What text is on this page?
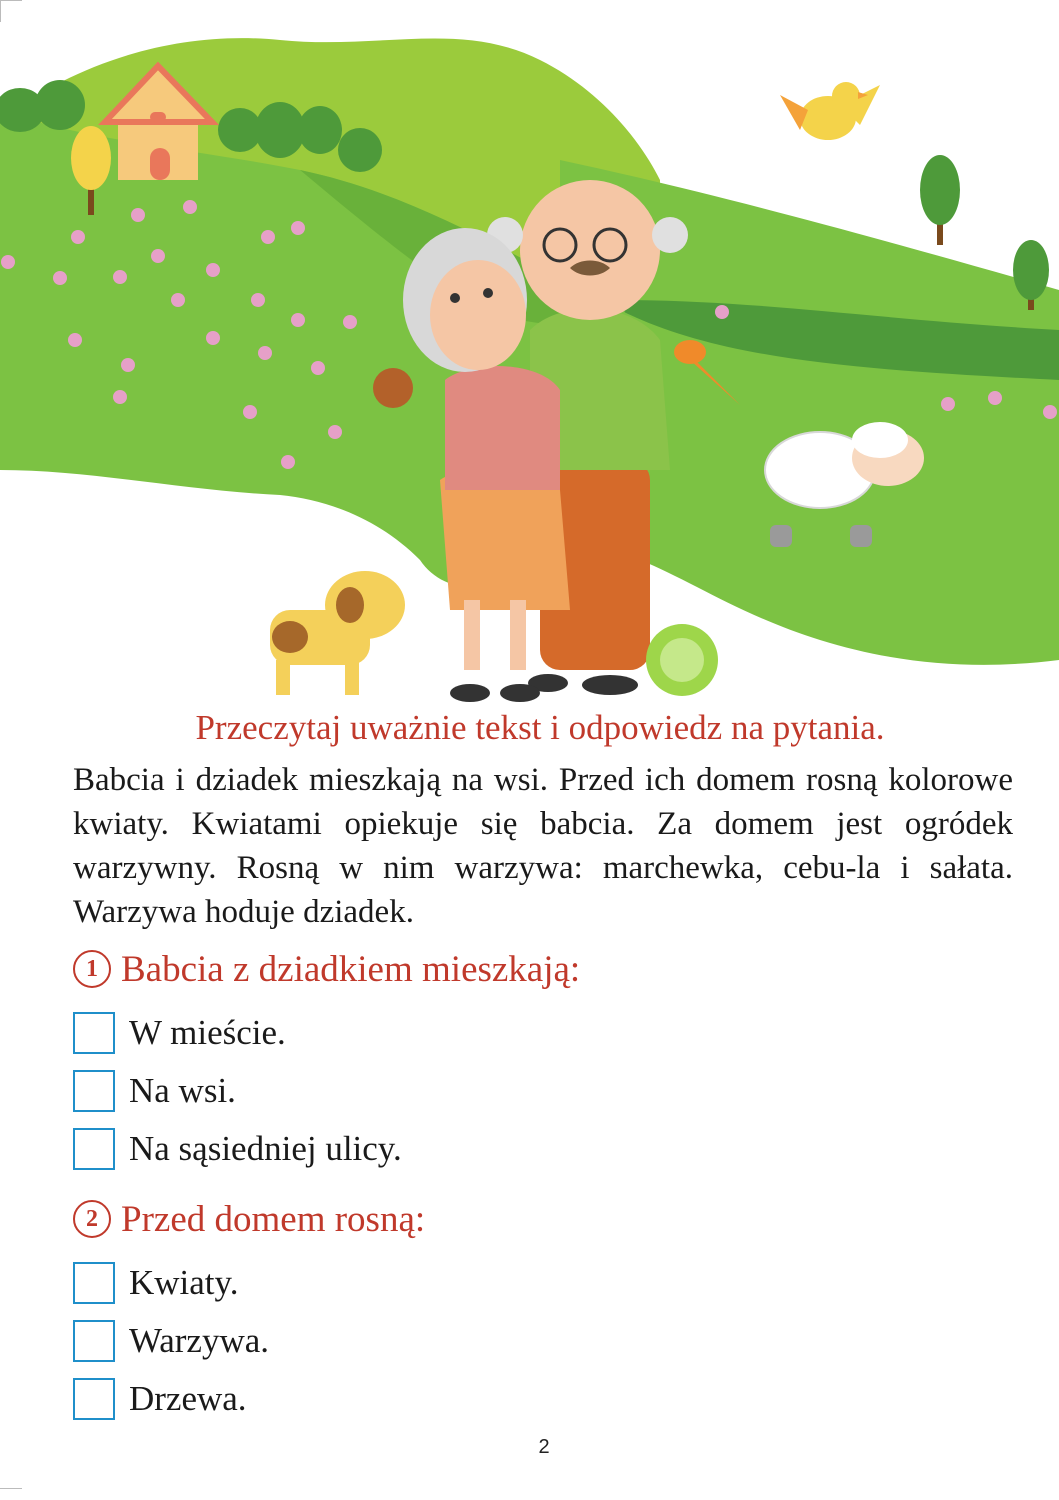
Przeczytaj uważnie tekst i odpowiedz na pytania.

Babcia i dziadek mieszkają na wsi. Przed ich domem rosną kolorowe kwiaty. Kwiatami opiekuje się babcia. Za domem jest ogródek warzywny. Rosną w nim warzywa: marchewka, cebu-la i sałata. Warzywa hoduje dziadek.

1 Babcia z dziadkiem mieszkają:
W mieście.
Na wsi.
Na sąsiedniej ulicy.
2 Przed domem rosną:
Kwiaty.
Warzywa.
Drzewa.
2
